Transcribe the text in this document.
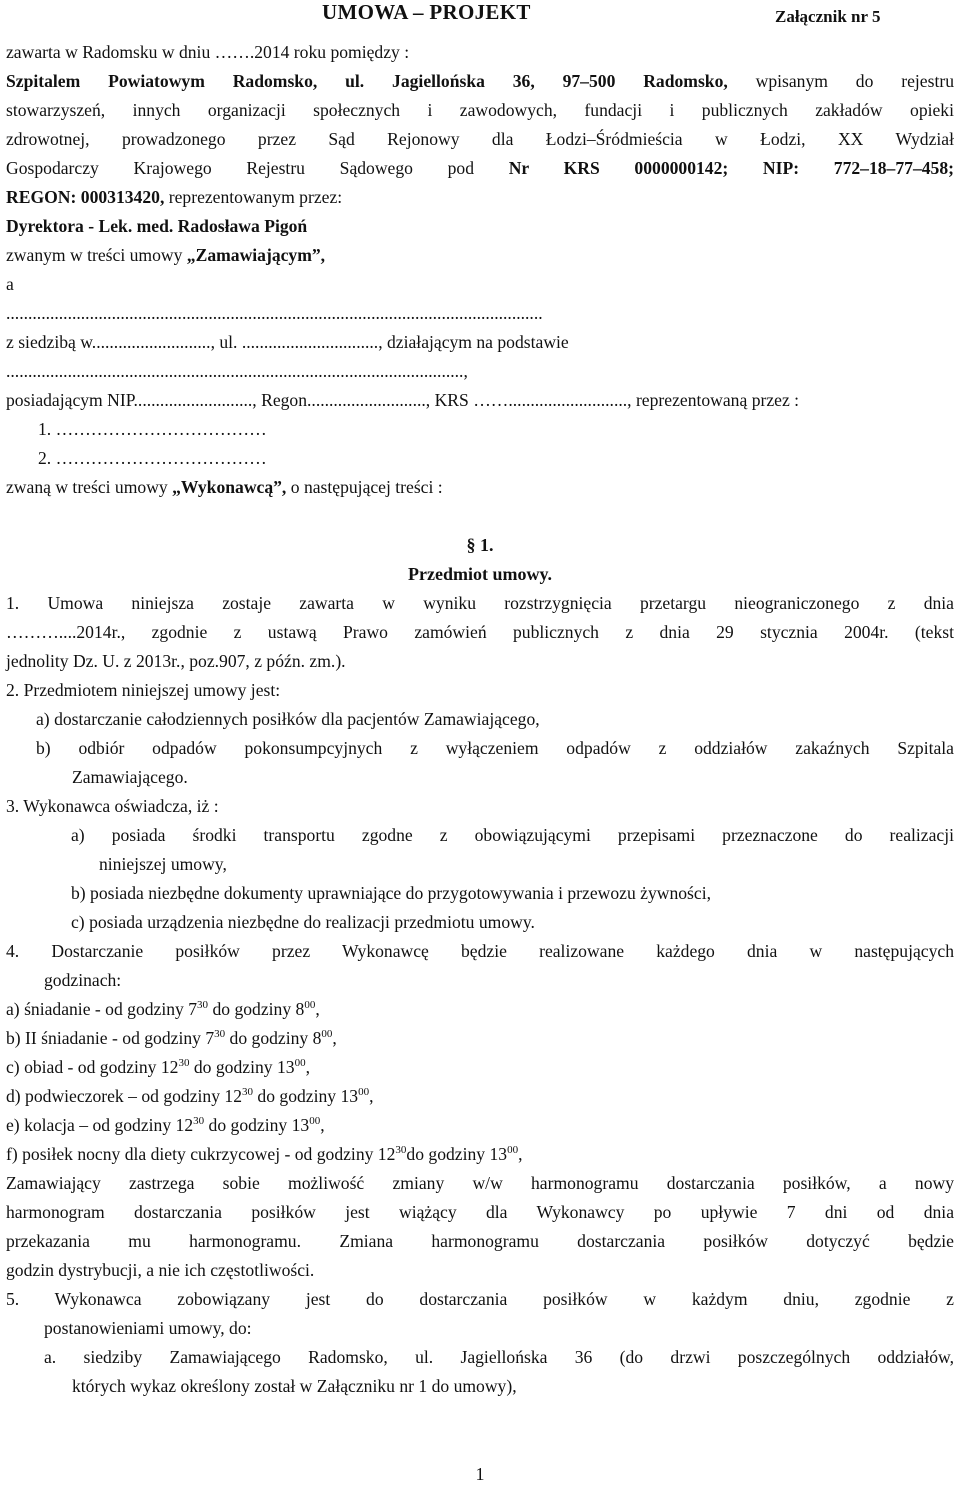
UMOWA – PROJEKT	Załącznik nr 5
zawarta w Radomsku w dniu …….2014 roku pomiędzy :
Szpitalem Powiatowym Radomsko, ul. Jagiellońska 36, 97–500 Radomsko, wpisanym do rejestru
stowarzyszeń, innych organizacji społecznych i zawodowych, fundacji i publicznych zakładów opieki
zdrowotnej, prowadzonego przez Sąd Rejonowy dla Łodzi–Śródmieścia w Łodzi, XX Wydział
Gospodarczy Krajowego Rejestru Sądowego pod Nr KRS 0000000142; NIP: 772–18–77–458;
REGON: 000313420, reprezentowanym przez:
Dyrektora - Lek. med. Radosława Pigoń
zwanym w treści umowy „Zamawiającym”,
a
..........................................................................................................................
z siedzibą w..........................., ul. ..............................., działającym na podstawie
........................................................................................................,
posiadającym NIP..........................., Regon..........................., KRS ……..........................., reprezentowaną przez :
1. ………………………………
2. ………………………………
zwaną w treści umowy „Wykonawcą”, o następującej treści :
§ 1.
Przedmiot umowy.
1. Umowa niniejsza zostaje zawarta w wyniku rozstrzygnięcia przetargu nieograniczonego z dnia
………....2014r., zgodnie z ustawą Prawo zamówień publicznych z dnia 29 stycznia 2004r. (tekst
jednolity Dz. U. z 2013r., poz.907, z późn. zm.).
2. Przedmiotem niniejszej umowy jest:
a) dostarczanie całodziennych posiłków dla pacjentów Zamawiającego,
b) odbiór odpadów pokonsumpcyjnych z wyłączeniem odpadów z oddziałów zakaźnych Szpitala
Zamawiającego.
3. Wykonawca oświadcza, iż :
a) posiada środki transportu zgodne z obowiązującymi przepisami przeznaczone do realizacji
niniejszej umowy,
b) posiada niezbędne dokumenty uprawniające do przygotowywania i przewozu żywności,
c) posiada urządzenia niezbędne do realizacji przedmiotu umowy.
4. Dostarczanie posiłków przez Wykonawcę będzie realizowane każdego dnia w następujących
godzinach:
a) śniadanie - od godziny $7^{30}$ do godziny $8^{00}$,
b) II śniadanie - od godziny $7^{30}$ do godziny $8^{00}$,
c) obiad - od godziny $12^{30}$ do godziny $13^{00}$,
d) podwieczorek – od godziny $12^{30}$ do godziny $13^{00}$,
e) kolacja – od godziny $12^{30}$ do godziny $13^{00}$,
f) posiłek nocny dla diety cukrzycowej - od godziny $12^{30}do$ godziny $13^{00}$,
Zamawiający zastrzega sobie możliwość zmiany w/w harmonogramu dostarczania posiłków, a nowy
harmonogram dostarczania posiłków jest wiążący dla Wykonawcy po upływie 7 dni od dnia
przekazania mu harmonogramu. Zmiana harmonogramu dostarczania posiłków dotyczyć będzie
godzin dystrybucji, a nie ich częstotliwości.
5. Wykonawca zobowiązany jest do dostarczania posiłków w każdym dniu, zgodnie z
postanowieniami umowy, do:
a. siedziby Zamawiającego Radomsko, ul. Jagiellońska 36 (do drzwi poszczególnych oddziałów,
których wykaz określony został w Załączniku nr 1 do umowy),
1
